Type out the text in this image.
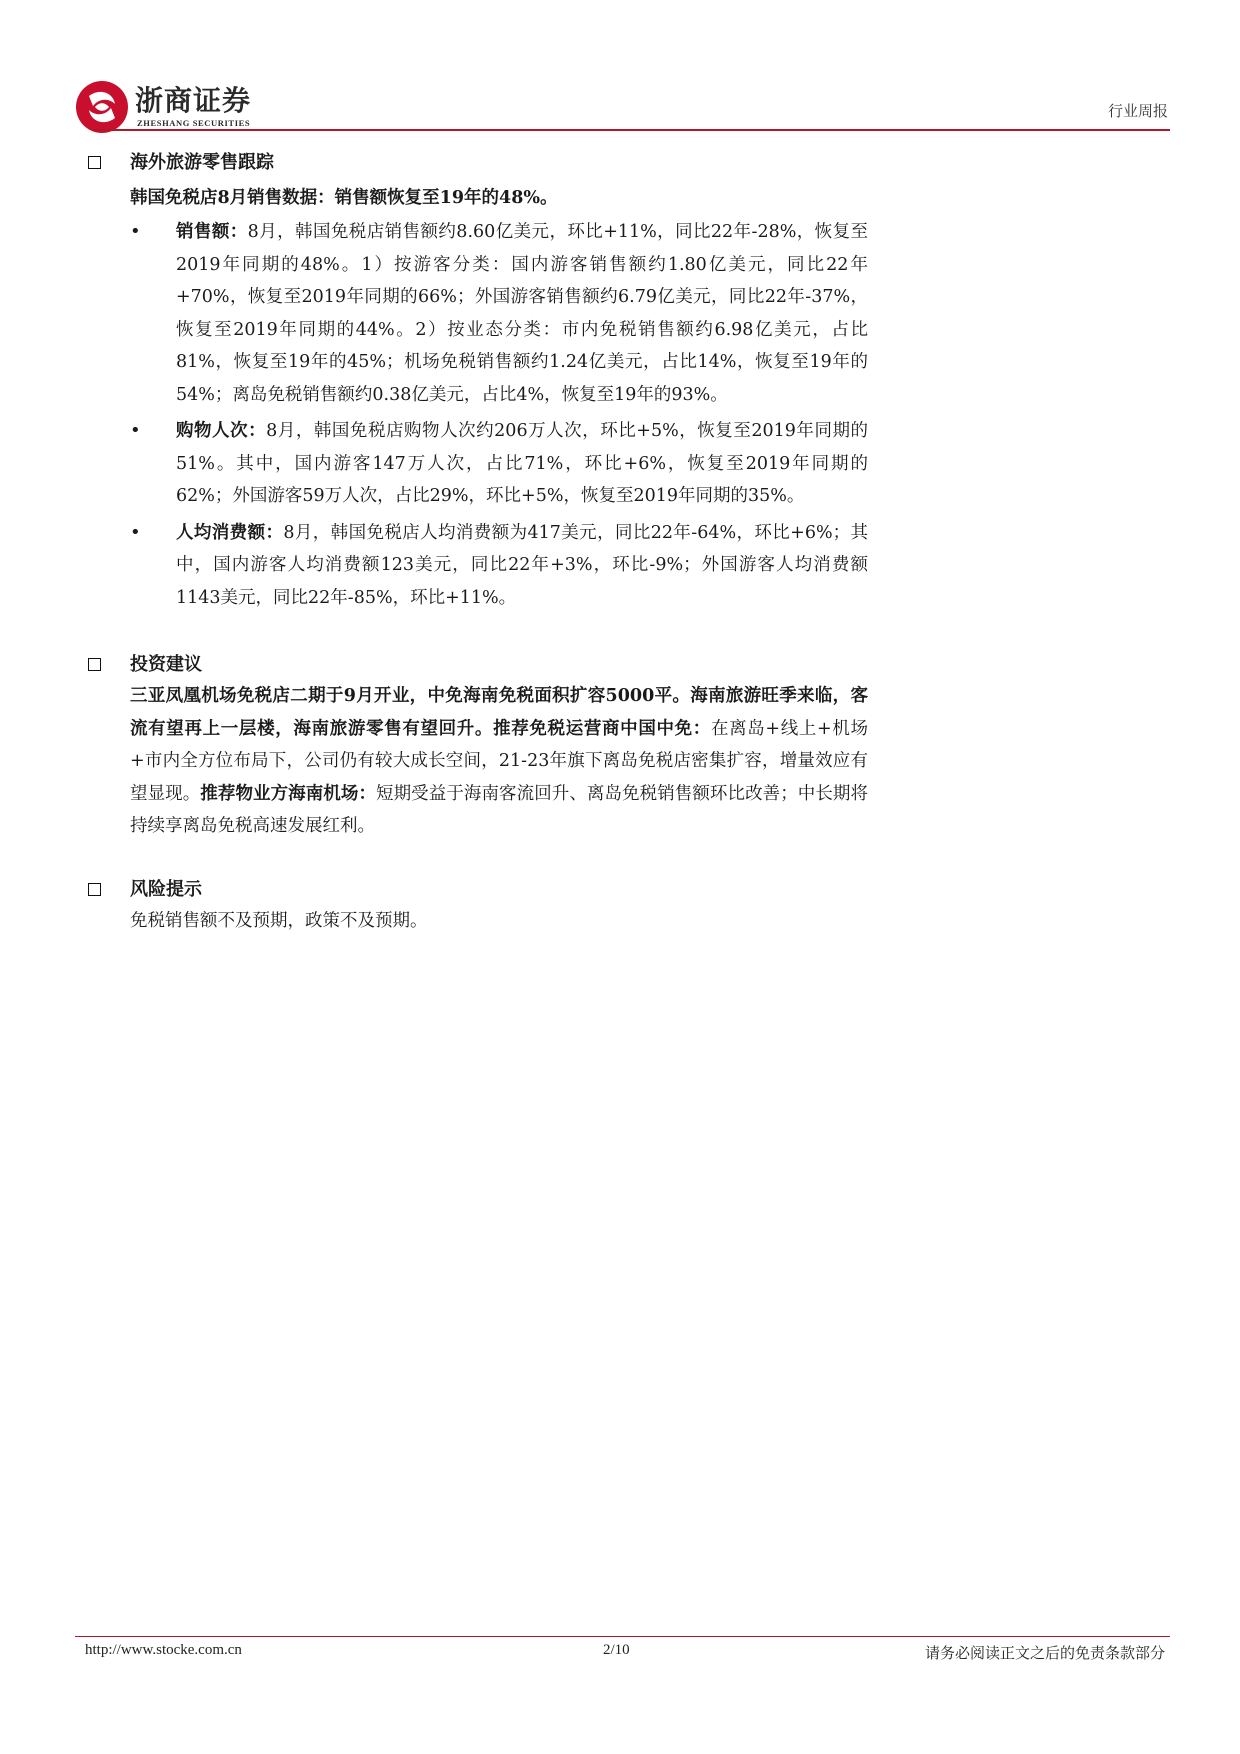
浙商证券
ZHESHANG SECURITIES
行业周报
海外旅游零售跟踪
韩国免税店8月销售数据：销售额恢复至19年的48%。
• 销售额：8月，韩国免税店销售额约8.60亿美元，环比+11%，同比22年-28%，恢复至2019年同期的48%。1）按游客分类：国内游客销售额约1.80亿美元，同比22年+70%，恢复至2019年同期的66%；外国游客销售额约6.79亿美元，同比22年-37%，恢复至2019年同期的44%。2）按业态分类：市内免税销售额约6.98亿美元，占比81%，恢复至19年的45%；机场免税销售额约1.24亿美元，占比14%，恢复至19年的54%；离岛免税销售额约0.38亿美元，占比4%，恢复至19年的93%。
• 购物人次：8月，韩国免税店购物人次约206万人次，环比+5%，恢复至2019年同期的51%。其中，国内游客147万人次，占比71%，环比+6%，恢复至2019年同期的62%；外国游客59万人次，占比29%，环比+5%，恢复至2019年同期的35%。
• 人均消费额：8月，韩国免税店人均消费额为417美元，同比22年-64%，环比+6%；其中，国内游客人均消费额123美元，同比22年+3%，环比-9%；外国游客人均消费额1143美元，同比22年-85%，环比+11%。
投资建议

三亚凤凰机场免税店二期于9月开业，中免海南免税面积扩容5000平。海南旅游旺季来临，客流有望再上一层楼，海南旅游零售有望回升。推荐免税运营商中国中免：在离岛+线上+机场+市内全方位布局下，公司仍有较大成长空间，21-23年旗下离岛免税店密集扩容，增量效应有望显现。推荐物业方海南机场：短期受益于海南客流回升、离岛免税销售额环比改善；中长期将持续享离岛免税高速发展红利。

风险提示

免税销售额不及预期，政策不及预期。

http://www.stocke.com.cn	2/10	请务必阅读正文之后的免责条款部分
